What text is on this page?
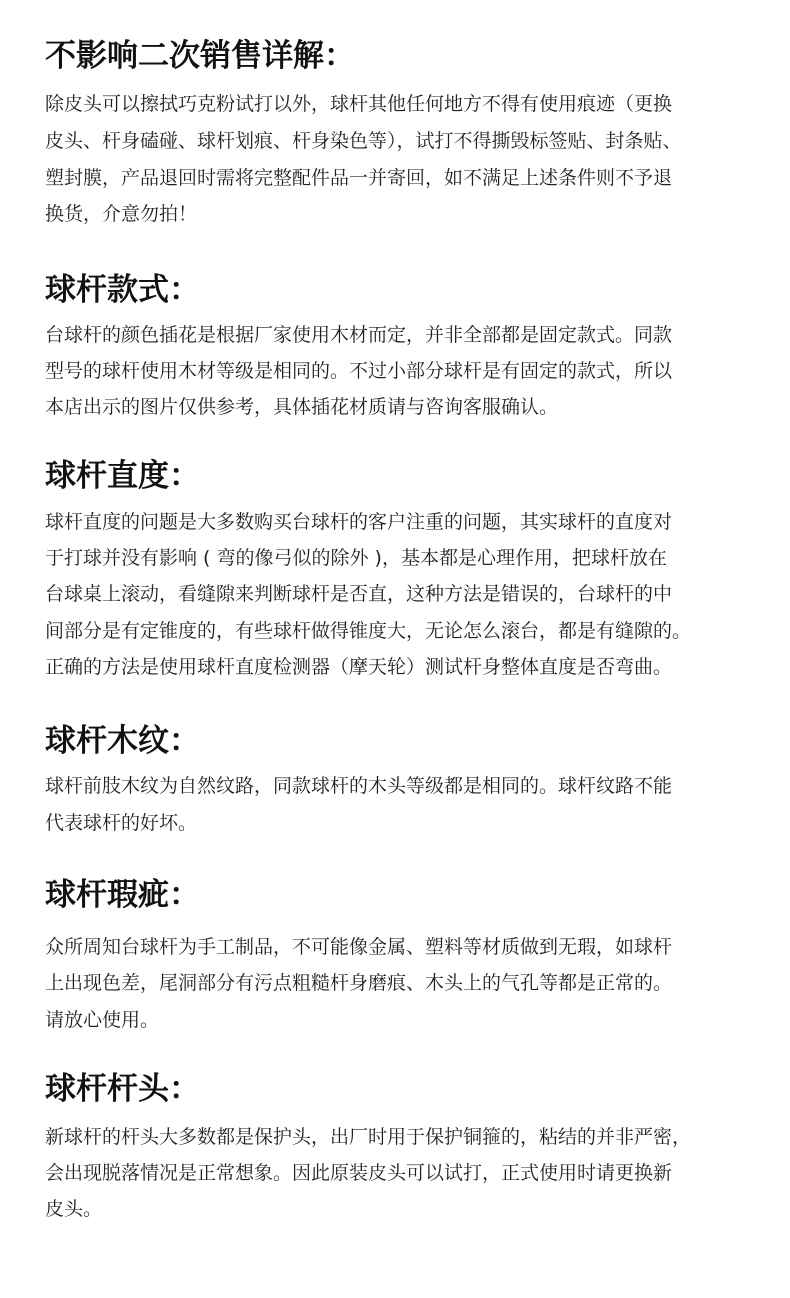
不影响二次销售详解：

除皮头可以擦拭巧克粉试打以外，球杆其他任何地方不得有使用痕迹（更换

皮头、杆身磕碰、球杆划痕、杆身染色等），试打不得撕毁标签贴、封条贴、

塑封膜，产品退回时需将完整配件品一并寄回，如不满足上述条件则不予退

换货，介意勿拍！

球杆款式：

台球杆的颜色插花是根据厂家使用木材而定，并非全部都是固定款式。同款

型号的球杆使用木材等级是相同的。不过小部分球杆是有固定的款式，所以

本店出示的图片仅供参考，具体插花材质请与咨询客服确认。

球杆直度：

球杆直度的问题是大多数购买台球杆的客户注重的问题，其实球杆的直度对

于打球并没有影响 ( 弯的像弓似的除外 )，基本都是心理作用，把球杆放在

台球桌上滚动，看缝隙来判断球杆是否直，这种方法是错误的，台球杆的中

间部分是有定锥度的，有些球杆做得锥度大，无论怎么滚台，都是有缝隙的。

正确的方法是使用球杆直度检测器（摩天轮）测试杆身整体直度是否弯曲。

球杆木纹：

球杆前肢木纹为自然纹路，同款球杆的木头等级都是相同的。球杆纹路不能

代表球杆的好坏。

球杆瑕疵：

众所周知台球杆为手工制品，不可能像金属、塑料等材质做到无瑕，如球杆

上出现色差，尾洞部分有污点粗糙杆身磨痕、木头上的气孔等都是正常的。

请放心使用。

球杆杆头：

新球杆的杆头大多数都是保护头，出厂时用于保护铜箍的，粘结的并非严密，

会出现脱落情况是正常想象。因此原装皮头可以试打，正式使用时请更换新

皮头。
